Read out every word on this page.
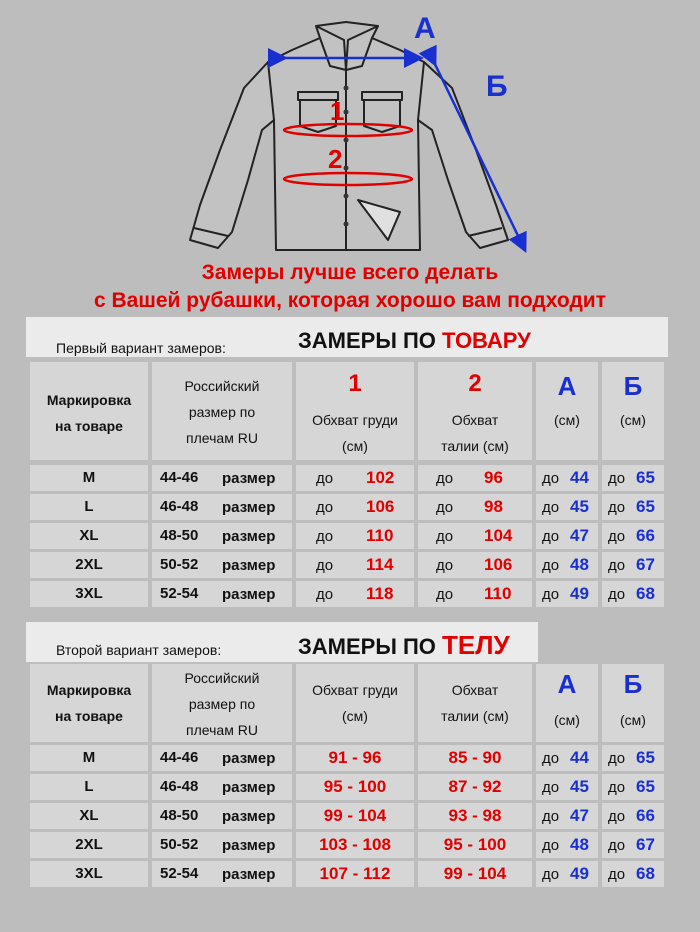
А
Б
1
2
Замеры лучше всего делать
с Вашей рубашки, которая хорошо вам подходит
Первый вариант замеров:	ЗАМЕРЫ ПО ТОВАРУ
Маркировка
на товаре
Российский
размер по
плечам RU
1
Обхват груди
(см)
2
Обхват
талии (см)
А
(см)
Б
(см)
M	44-46 размер	до 102	до 96	до 44 до 65
L	46-48 размер	до 106	до 98	до 45 до 65
XL	48-50 размер	до 110	до 104 до 47 до 66
2XL	50-52 размер	до 114	до 106 до 48 до 67
3XL	52-54 размер	до 118	до 110 до 49 до 68
Второй вариант замеров:	ЗАМЕРЫ ПО ТЕЛУ
Маркировка
на товаре
Российский
размер по
плечам RU
Обхват груди
(см)
Обхват
талии (см)
А
(см)
Б
(см)
M	44-46 размер	91 - 96	85 - 90	до 44 до 65
L	46-48 размер	95 - 100	87 - 92	до 45 до 65
XL	48-50 размер	99 - 104	93 - 98	до 47 до 66
2XL	50-52 размер	103 - 108	95 - 100	до 48 до 67
3XL	52-54 размер	107 - 112	99 - 104	до 49 до 68
